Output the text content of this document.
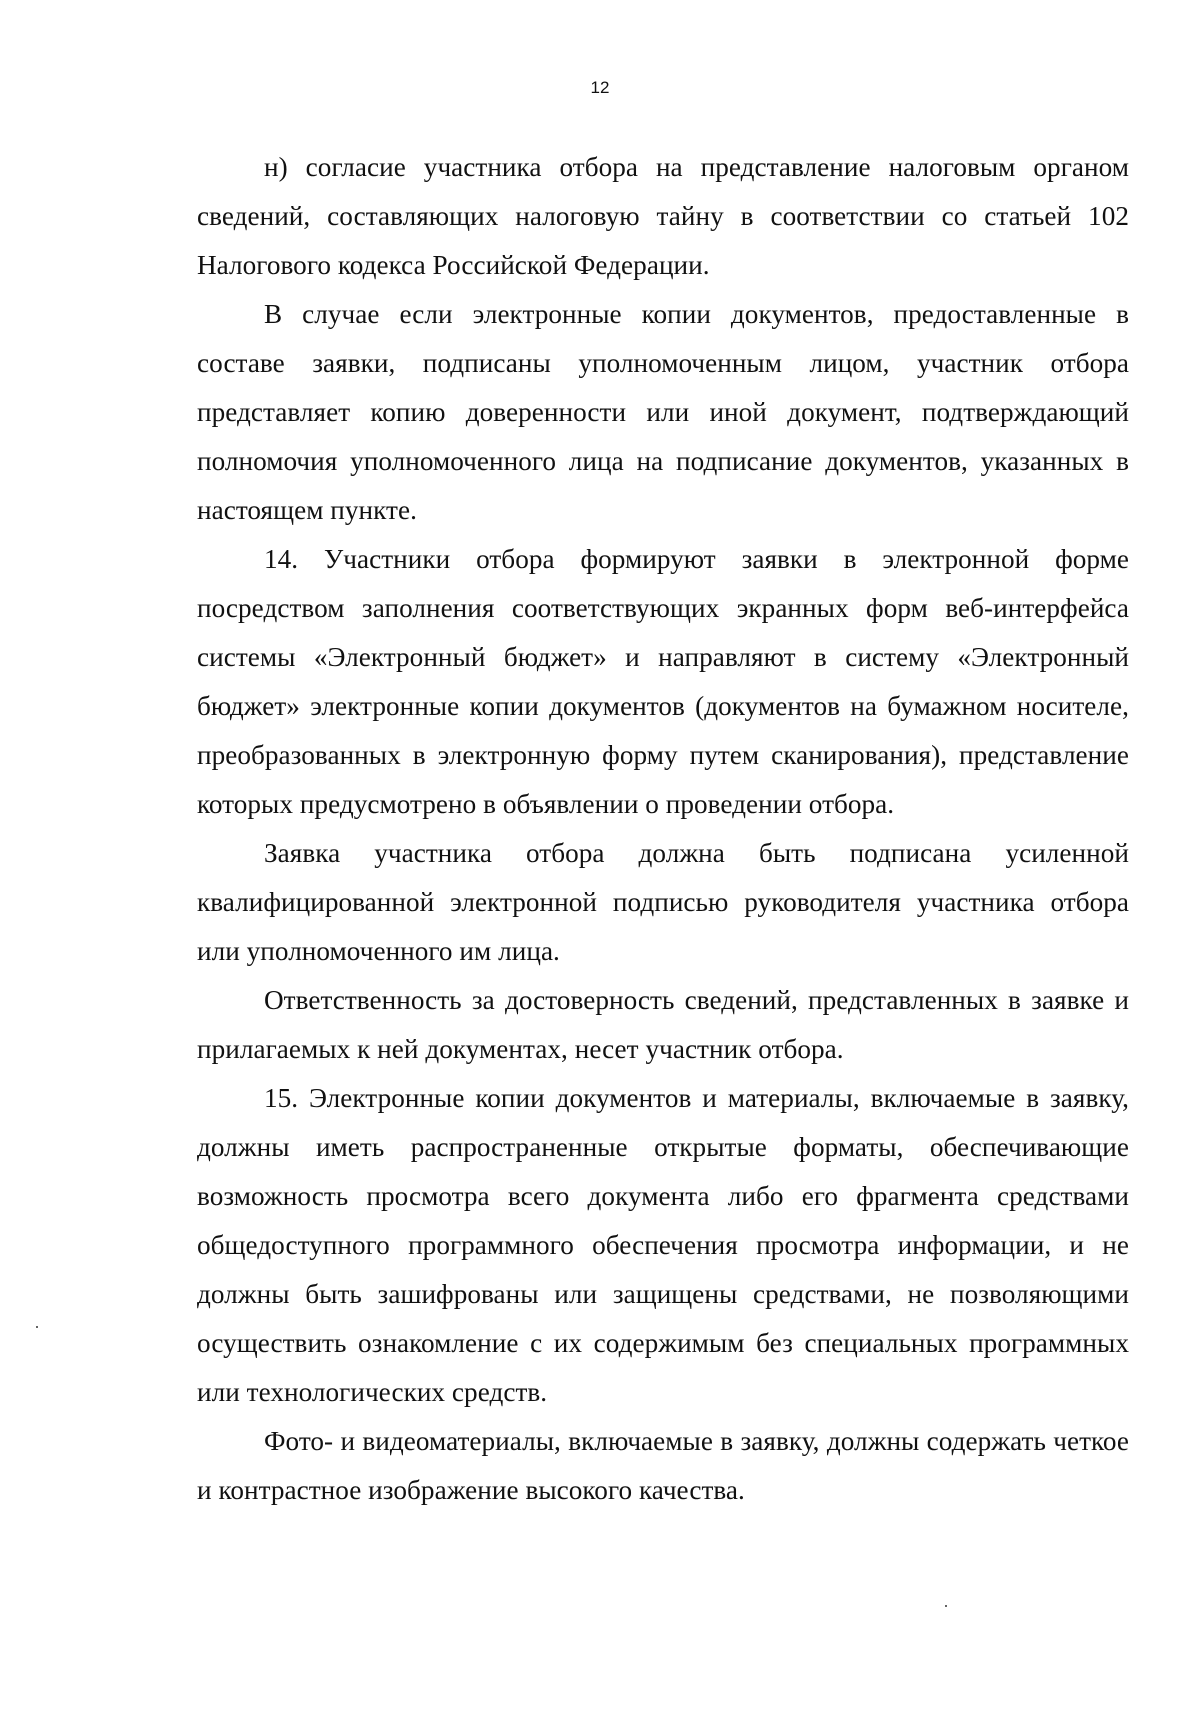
12

н) согласие участника отбора на представление налоговым органом сведений, составляющих налоговую тайну в соответствии со статьей 102 Налогового кодекса Российской Федерации.

В случае если электронные копии документов, предоставленные в составе заявки, подписаны уполномоченным лицом, участник отбора представляет копию доверенности или иной документ, подтверждающий полномочия уполномоченного лица на подписание документов, указанных в настоящем пункте.

14. Участники отбора формируют заявки в электронной форме посредством заполнения соответствующих экранных форм веб-интерфейса системы «Электронный бюджет» и направляют в систему «Электронный бюджет» электронные копии документов (документов на бумажном носителе, преобразованных в электронную форму путем сканирования), представление которых предусмотрено в объявлении о проведении отбора.

Заявка участника отбора должна быть подписана усиленной квалифицированной электронной подписью руководителя участника отбора или уполномоченного им лица.

Ответственность за достоверность сведений, представленных в заявке и прилагаемых к ней документах, несет участник отбора.

15. Электронные копии документов и материалы, включаемые в заявку, должны иметь распространенные открытые форматы, обеспечивающие возможность просмотра всего документа либо его фрагмента средствами общедоступного программного обеспечения просмотра информации, и не должны быть зашифрованы или защищены средствами, не позволяющими осуществить ознакомление с их содержимым без специальных программных или технологических средств.

Фото- и видеоматериалы, включаемые в заявку, должны содержать четкое и контрастное изображение высокого качества.
